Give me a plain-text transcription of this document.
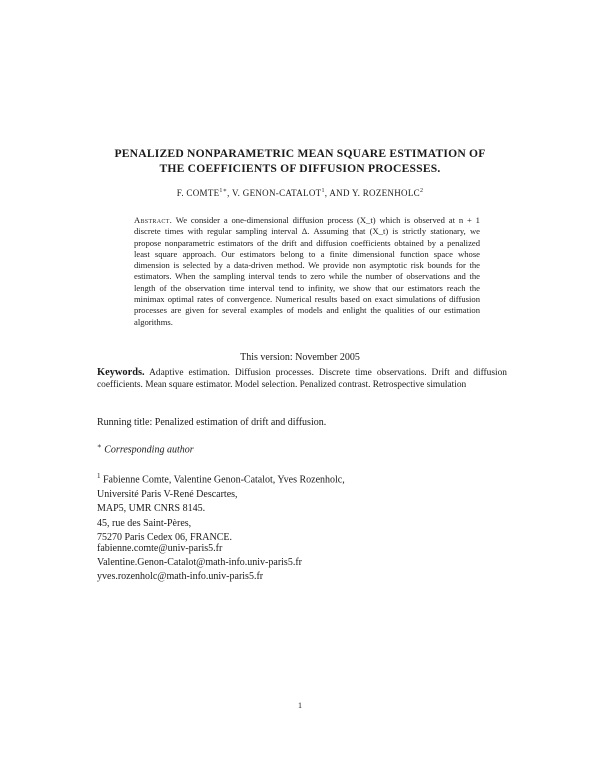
PENALIZED NONPARAMETRIC MEAN SQUARE ESTIMATION OF
THE COEFFICIENTS OF DIFFUSION PROCESSES.
F. $COMTE^{1∗}$, V. GENON-CATALOT$^1$, AND Y. ROZENHOLC$^2$
Abstract. We consider a one-dimensional diffusion process (X_t) which is observed at n + 1 discrete times with regular sampling interval Δ. Assuming that (X_t) is strictly stationary, we propose nonparametric estimators of the drift and diffusion coefficients obtained by a penalized least square approach. Our estimators belong to a finite dimensional function space whose dimension is selected by a data-driven method. We provide non asymptotic risk bounds for the estimators. When the sampling interval tends to zero while the number of observations and the length of the observation time interval tend to infinity, we show that our estimators reach the minimax optimal rates of convergence. Numerical results based on exact simulations of diffusion processes are given for several examples of models and enlight the qualities of our estimation algorithms.
This version: November 2005
Keywords. Adaptive estimation. Diffusion processes. Discrete time observations. Drift and diffusion coefficients. Mean square estimator. Model selection. Penalized contrast. Retrospective simulation
Running title: Penalized estimation of drift and diffusion.
∗ Corresponding author
$^1$ Fabienne Comte, Valentine Genon-Catalot, Yves Rozenholc,
Université Paris V-René Descartes,
MAP5, UMR CNRS 8145.
45, rue des Saint-Pères,
75270 Paris Cedex 06, FRANCE.
fabienne.comte@univ-paris5.fr
Valentine.Genon-Catalot@math-info.univ-paris5.fr
yves.rozenholc@math-info.univ-paris5.fr
1
